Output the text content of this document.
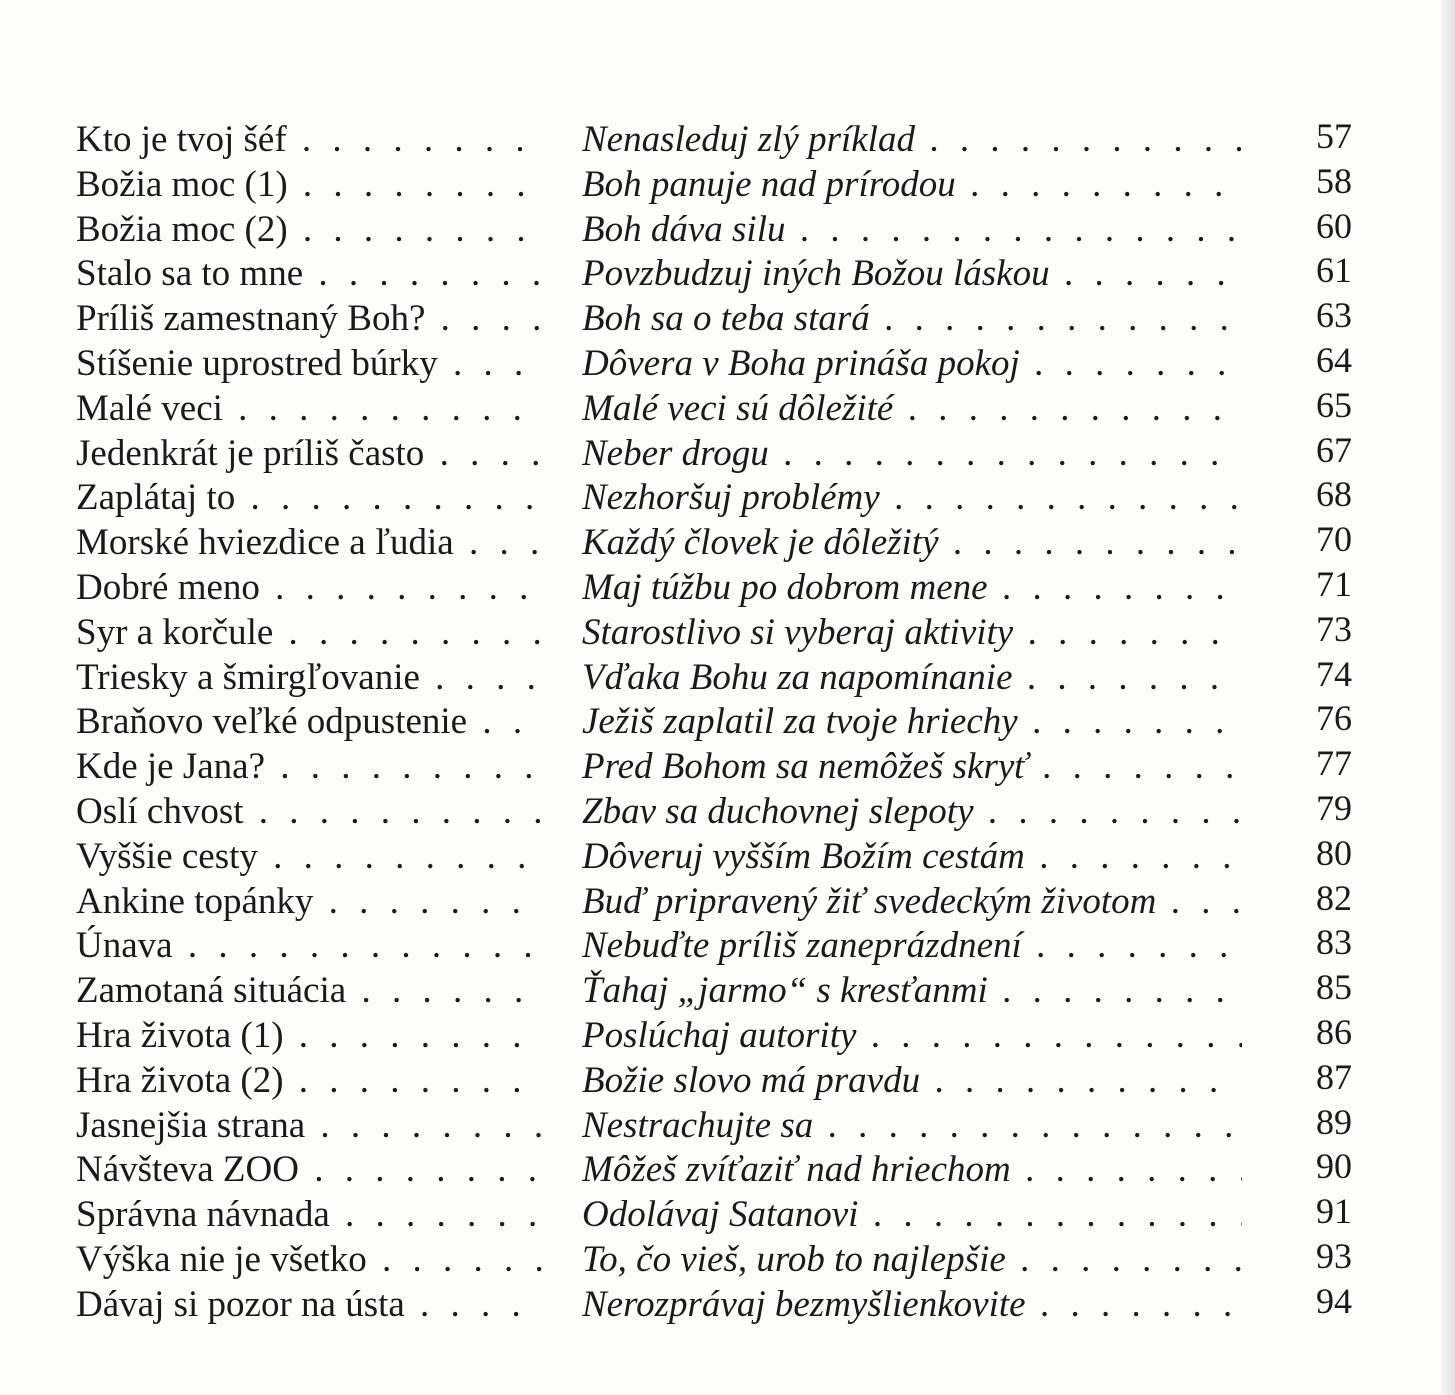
Kto je tvoj šéf . . .	Nenasleduj zlý príklad . . .	57
Božia moc (1) . . .	Boh panuje nad prírodou . . .	58
Božia moc (2) . . .	Boh dáva silu . . .	60
Stalo sa to mne . . .	Povzbudzuj iných Božou láskou . . .	61
Príliš zamestnaný Boh? . . .	Boh sa o teba stará . . .	63
Stíšenie uprostred búrky . . .	Dôvera v Boha prináša pokoj . . .	64
Malé veci . . .	Malé veci sú dôležité . . .	65
Jedenkrát je príliš často . . .	Neber drogu . . .	67
Zaplátaj to . . .	Nezhoršuj problémy . . .	68
Morské hviezdice a ľudia . . .	Každý človek je dôležitý . . .	70
Dobré meno . . .	Maj túžbu po dobrom mene . . .	71
Syr a korčule . . .	Starostlivo si vyberaj aktivity . . .	73
Triesky a šmirgľovanie . . .	Vďaka Bohu za napomínanie . . .	74
Braňovo veľké odpustenie . . .	Ježiš zaplatil za tvoje hriechy . . .	76
Kde je Jana? . . .	Pred Bohom sa nemôžeš skryť . . .	77
Oslí chvost . . .	Zbav sa duchovnej slepoty . . .	79
Vyššie cesty . . .	Dôveruj vyšším Božím cestám . . .	80
Ankine topánky . . .	Buď pripravený žiť svedeckým životom . . .	82
Únava . . .	Nebuďte príliš zaneprázdnení . . .	83
Zamotaná situácia . . .	Ťahaj „jarmo“ s kresťanmi . . .	85
Hra života (1) . . .	Poslúchaj autority . . .	86
Hra života (2) . . .	Božie slovo má pravdu . . .	87
Jasnejšia strana . . .	Nestrachujte sa . . .	89
Návšteva ZOO . . .	Môžeš zvíťaziť nad hriechom . . .	90
Správna návnada . . .	Odolávaj Satanovi . . .	91
Výška nie je všetko . . .	To, čo vieš, urob to najlepšie . . .	93
Dávaj si pozor na ústa . . .	Nerozprávaj bezmyšlienkovite . . .	94
